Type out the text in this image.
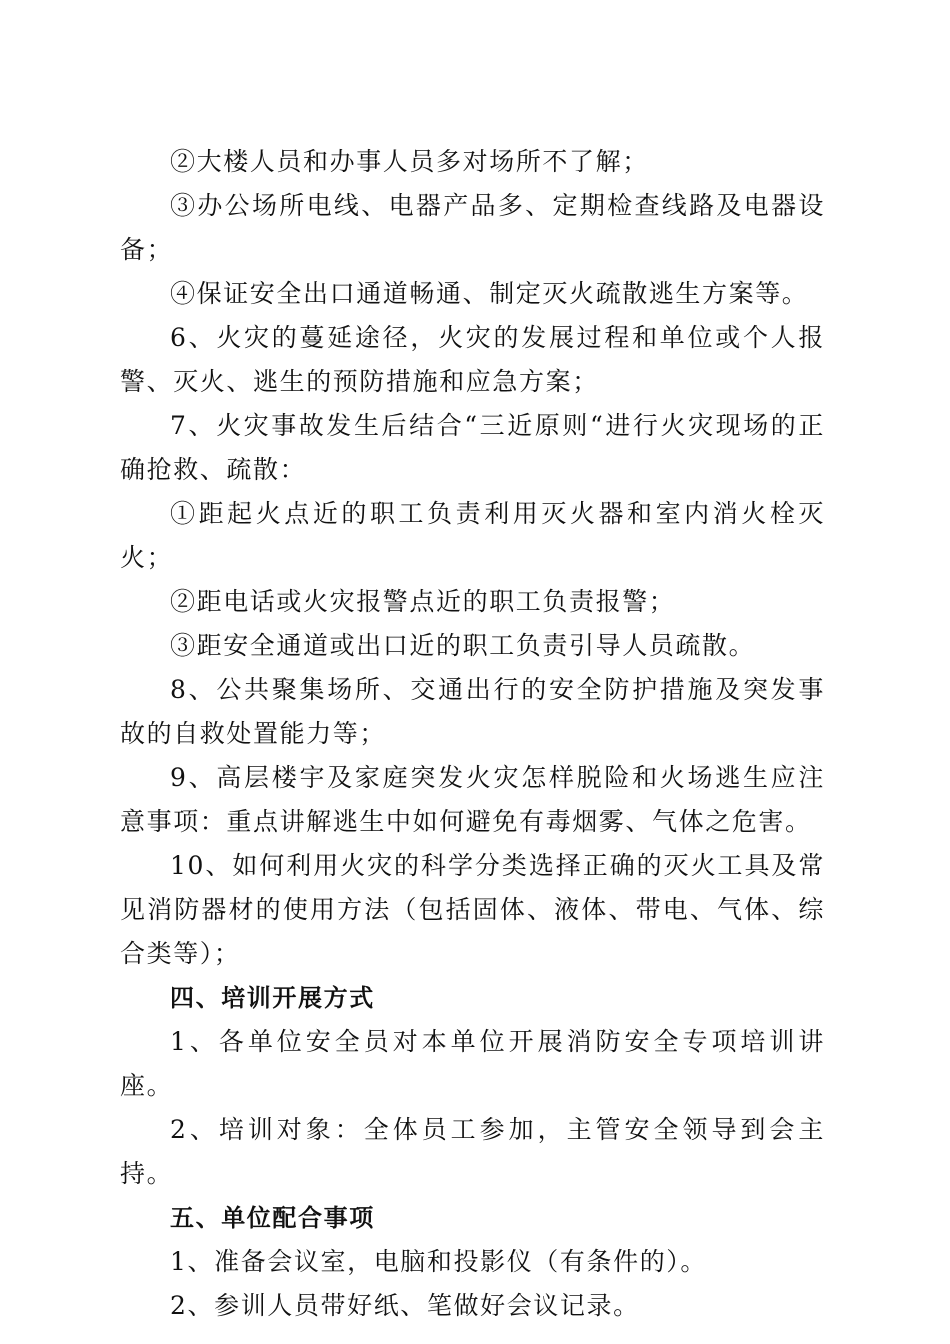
②大楼人员和办事人员多对场所不了解；

③办公场所电线、电器产品多、定期检查线路及电器设备；

④保证安全出口通道畅通、制定灭火疏散逃生方案等。

6、火灾的蔓延途径，火灾的发展过程和单位或个人报警、灭火、逃生的预防措施和应急方案；

7、火灾事故发生后结合“三近原则“进行火灾现场的正确抢救、疏散：

①距起火点近的职工负责利用灭火器和室内消火栓灭火；

②距电话或火灾报警点近的职工负责报警；

③距安全通道或出口近的职工负责引导人员疏散。

8、公共聚集场所、交通出行的安全防护措施及突发事故的自救处置能力等；

9、高层楼宇及家庭突发火灾怎样脱险和火场逃生应注意事项：重点讲解逃生中如何避免有毒烟雾、气体之危害。

10、如何利用火灾的科学分类选择正确的灭火工具及常见消防器材的使用方法（包括固体、液体、带电、气体、综合类等）；

四、培训开展方式

1、各单位安全员对本单位开展消防安全专项培训讲座。

2、培训对象：全体员工参加，主管安全领导到会主持。

五、单位配合事项

1、准备会议室，电脑和投影仪（有条件的）。

2、参训人员带好纸、笔做好会议记录。
